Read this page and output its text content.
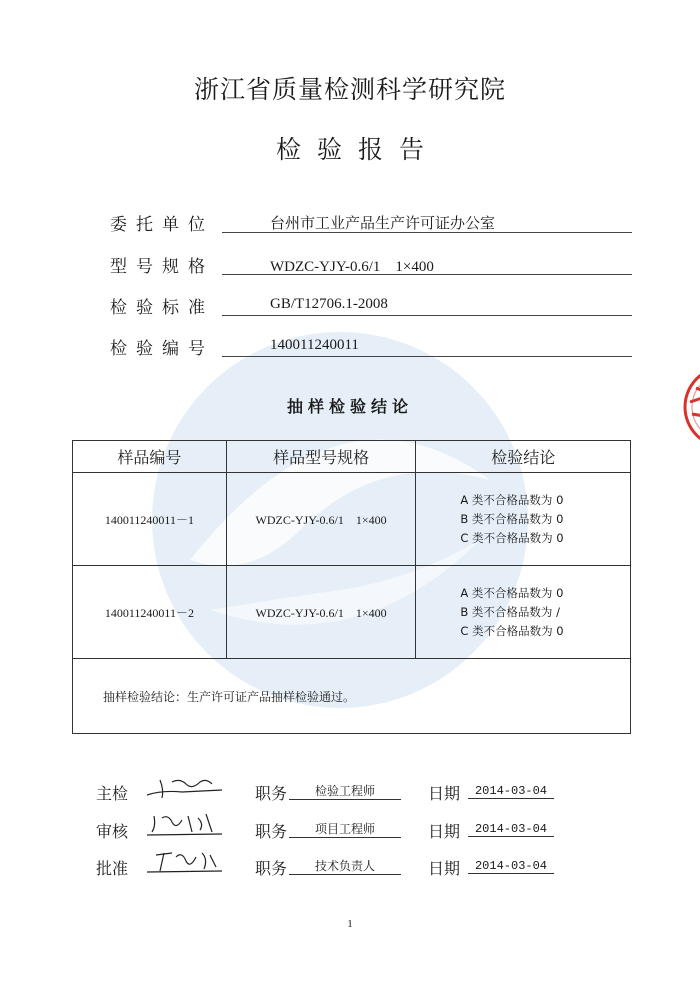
浙江省质量检测科学研究院
检验报告
委 托 单 位	台州市工业产品生产许可证办公室
型 号 规 格	WDZC-YJY-0.6/1　1×400
检 验 标 准	GB/T12706.1-2008
检 验 编 号	140011240011
抽样检验结论
样品编号	样品型号规格	检验结论
140011240011－1	WDZC-YJY-0.6/1　1×400	A 类不合格品数为 0
B 类不合格品数为 0
C 类不合格品数为 0

140011240011－2	WDZC-YJY-0.6/1　1×400	A 类不合格品数为 0
B 类不合格品数为 /
C 类不合格品数为 0

抽样检验结论：生产许可证产品抽样检验通过。		
主检	职务	检验工程师	日期	2014-03-04
审核	职务	项目工程师	日期	2014-03-04
批准	职务	技术负责人	日期	2014-03-04
1
